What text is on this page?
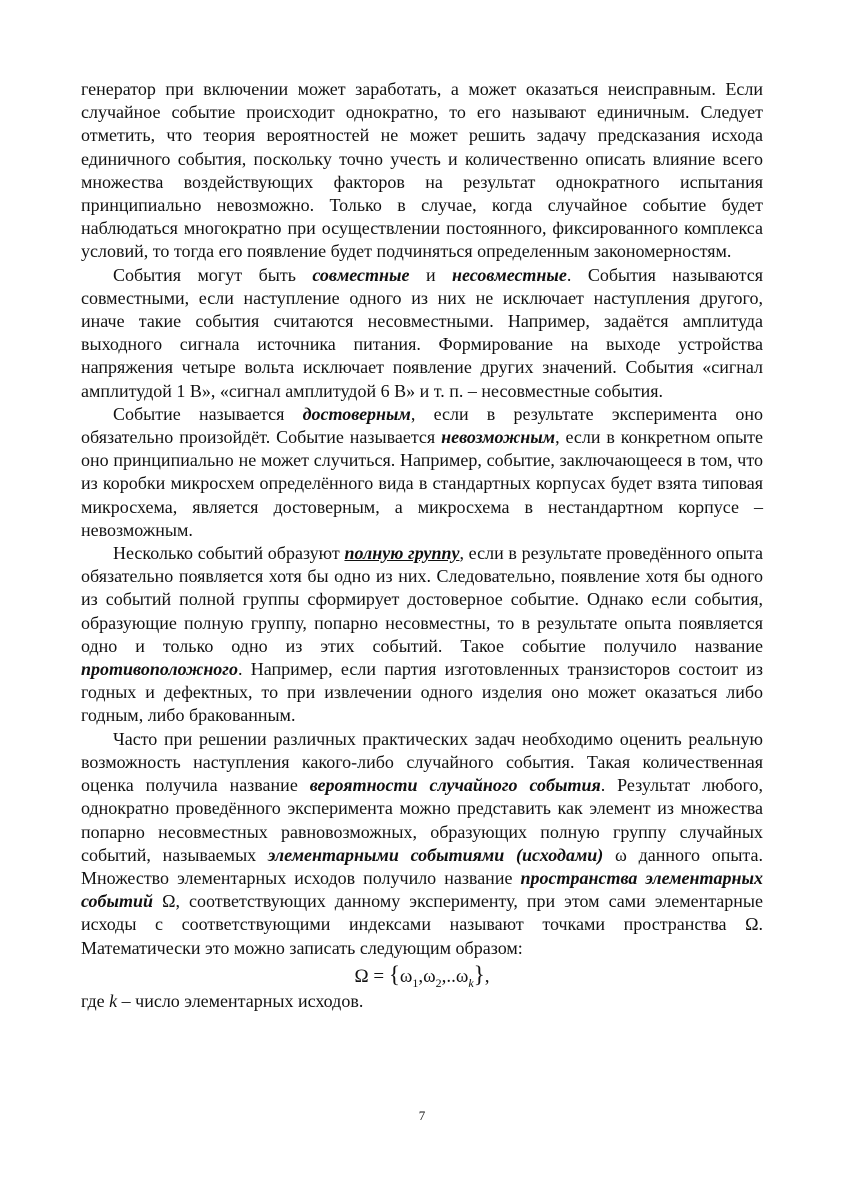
генератор при включении может заработать, а может оказаться неисправным. Если случайное событие происходит однократно, то его называют единичным. Следует отметить, что теория вероятностей не может решить задачу предсказания исхода единичного события, поскольку точно учесть и количественно описать влияние всего множества воздействующих факторов на результат однократного испытания принципиально невозможно. Только в случае, когда случайное событие будет наблюдаться многократно при осуществлении постоянного, фиксированного комплекса условий, то тогда его появление будет подчиняться определенным закономерностям.

События могут быть совместные и несовместные. События называются совместными, если наступление одного из них не исключает наступления другого, иначе такие события считаются несовместными. Например, задаётся амплитуда выходного сигнала источника питания. Формирование на выходе устройства напряжения четыре вольта исключает появление других значений. События «сигнал амплитудой 1 В», «сигнал амплитудой 6 В» и т. п. – несовместные события.

Событие называется достоверным, если в результате эксперимента оно обязательно произойдёт. Событие называется невозможным, если в конкретном опыте оно принципиально не может случиться. Например, событие, заключающееся в том, что из коробки микросхем определённого вида в стандартных корпусах будет взята типовая микросхема, является достоверным, а микросхема в нестандартном корпусе – невозможным.

Несколько событий образуют полную группу, если в результате проведённого опыта обязательно появляется хотя бы одно из них. Следовательно, появление хотя бы одного из событий полной группы сформирует достоверное событие. Однако если события, образующие полную группу, попарно несовместны, то в результате опыта появляется одно и только одно из этих событий. Такое событие получило название противоположного. Например, если партия изготовленных транзисторов состоит из годных и дефектных, то при извлечении одного изделия оно может оказаться либо годным, либо бракованным.

Часто при решении различных практических задач необходимо оценить реальную возможность наступления какого-либо случайного события. Такая количественная оценка получила название вероятности случайного события. Результат любого, однократно проведённого эксперимента можно представить как элемент из множества попарно несовместных равновозможных, образующих полную группу случайных событий, называемых элементарными событиями (исходами) ω данного опыта. Множество элементарных исходов получило название пространства элементарных событий Ω, соответствующих данному эксперименту, при этом сами элементарные исходы с соответствующими индексами называют точками пространства Ω. Математически это можно записать следующим образом:

$\Omega = \{\omega_1,\omega_2,..\omega_k\}$,

где k – число элементарных исходов.

7
